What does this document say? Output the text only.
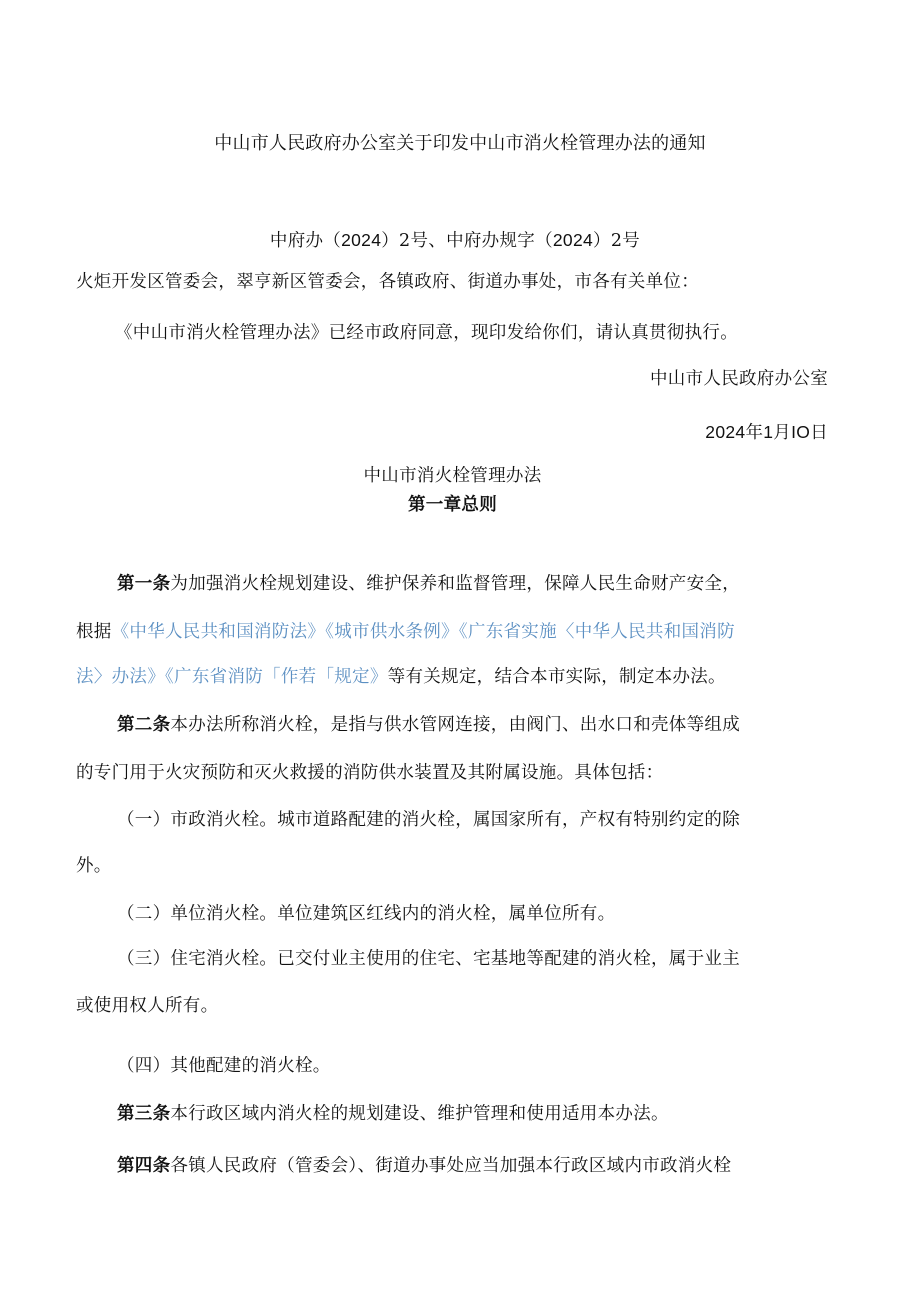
中山市人民政府办公室关于印发中山市消火栓管理办法的通知
中府办（2024）2号、中府办规字（2024）2号
火炬开发区管委会，翠亨新区管委会，各镇政府、街道办事处，市各有关单位：
《中山市消火栓管理办法》已经市政府同意，现印发给你们，请认真贯彻执行。
中山市人民政府办公室
2024年1月IO日
中山市消火栓管理办法
第一章总则
第一条为加强消火栓规划建设、维护保养和监督管理，保障人民生命财产安全，
根据《中华人民共和国消防法》《城市供水条例》《广东省实施〈中华人民共和国消防
法〉办法》《广东省消防「作若「规定》等有关规定，结合本市实际，制定本办法。
第二条本办法所称消火栓，是指与供水管网连接，由阀门、出水口和壳体等组成
的专门用于火灾预防和灭火救援的消防供水装置及其附属设施。具体包括：
（一）市政消火栓。城市道路配建的消火栓，属国家所有，产权有特别约定的除
外。
（二）单位消火栓。单位建筑区红线内的消火栓，属单位所有。
（三）住宅消火栓。已交付业主使用的住宅、宅基地等配建的消火栓，属于业主
或使用权人所有。
（四）其他配建的消火栓。
第三条本行政区域内消火栓的规划建设、维护管理和使用适用本办法。
第四条各镇人民政府（管委会）、街道办事处应当加强本行政区域内市政消火栓
